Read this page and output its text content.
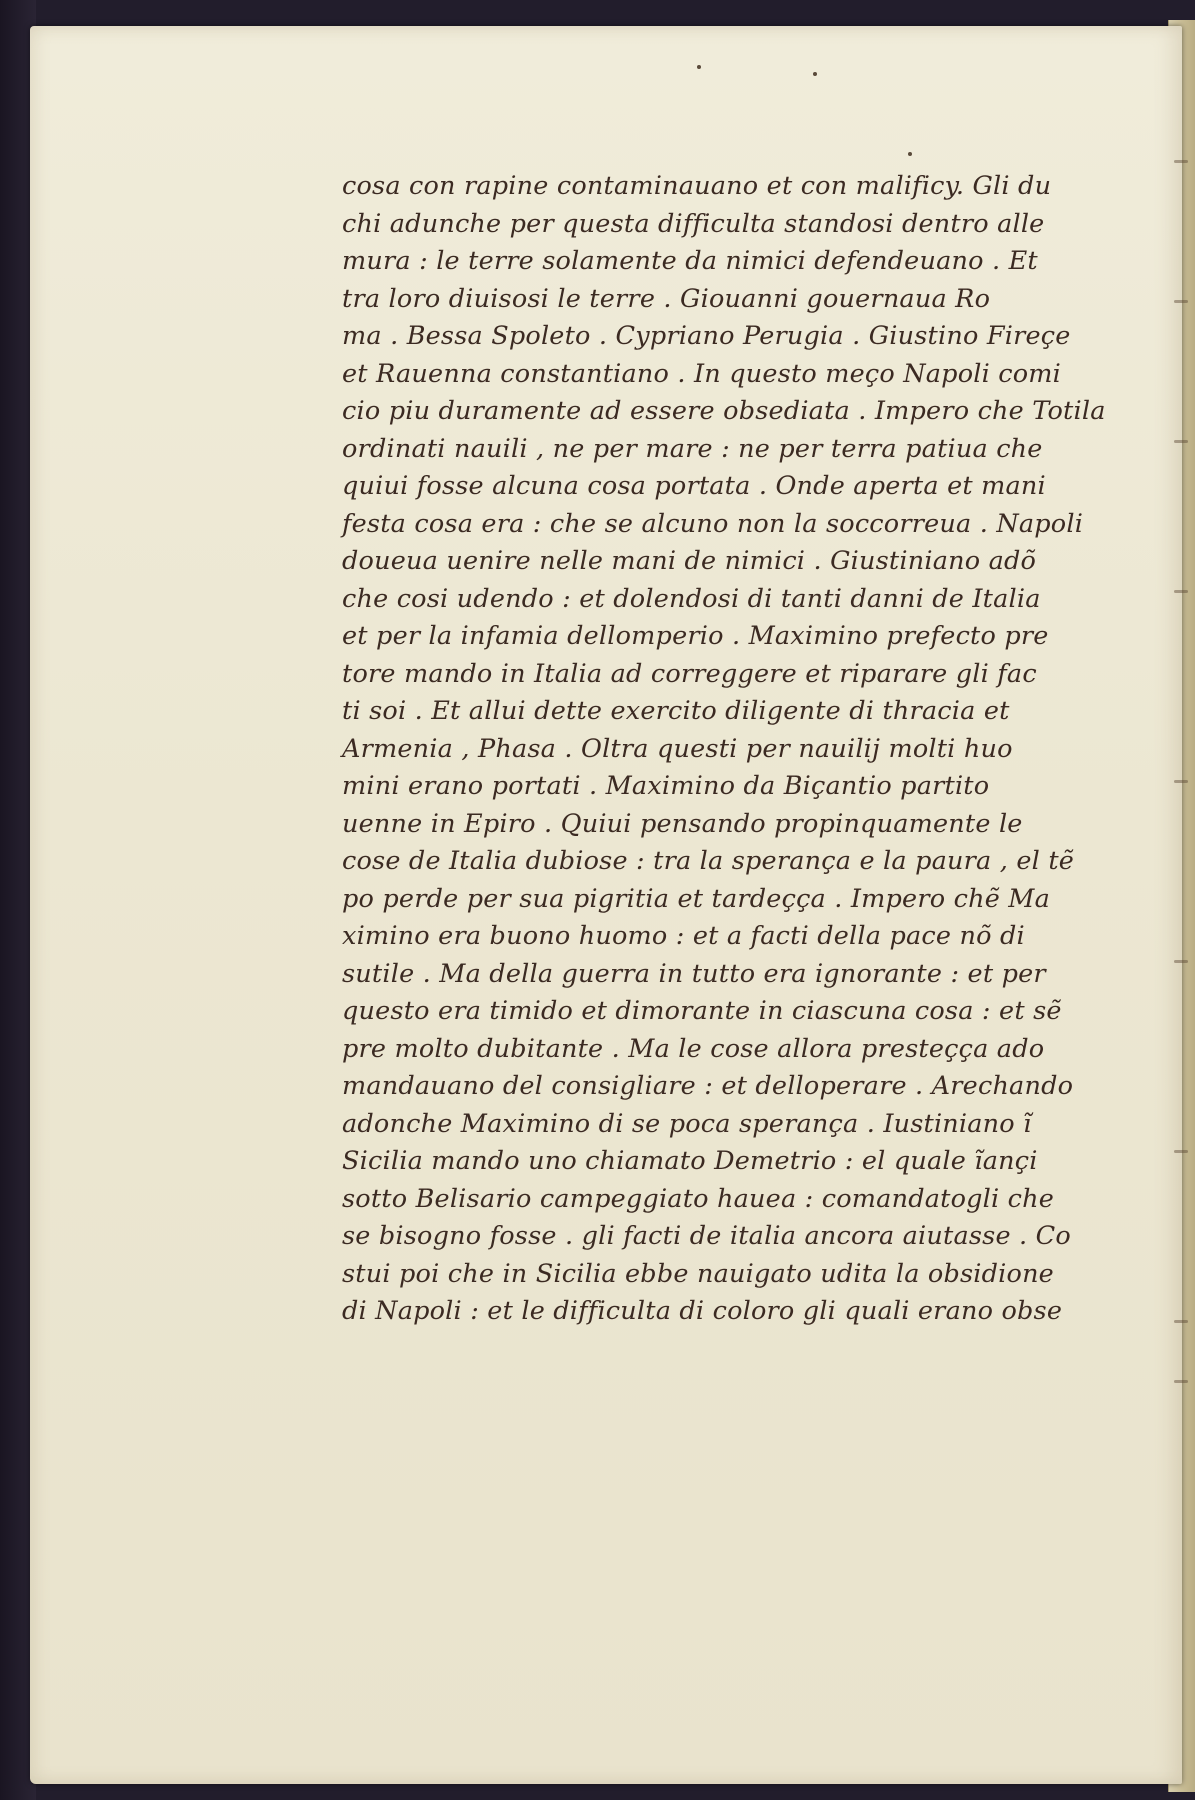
cosa con rapine contaminauano et con malificy. Gli du
chi adunche per questa difficulta standosi dentro alle
mura : le terre solamente da nimici defendeuano . Et
tra loro diuisosi le terre . Giouanni gouernaua Ro
ma . Bessa Spoleto . Cypriano Perugia . Giustino Fireçe
et Rauenna constantiano . In questo meço Napoli comi
cio piu duramente ad essere obsediata . Impero che Totila
ordinati nauili , ne per mare : ne per terra patiua che
quiui fosse alcuna cosa portata . Onde aperta et mani
festa cosa era : che se alcuno non la soccorreua . Napoli
doueua uenire nelle mani de nimici . Giustiniano adõ
che cosi udendo : et dolendosi di tanti danni de Italia
et per la infamia dellomperio . Maximino prefecto pre
tore mando in Italia ad correggere et riparare gli fac
ti soi . Et allui dette exercito diligente di thracia et
Armenia , Phasa . Oltra questi per nauilij molti huo
mini erano portati . Maximino da Biçantio partito
uenne in Epiro . Quiui pensando propinquamente le
cose de Italia dubiose : tra la sperança e la paura , el tẽ
po perde per sua pigritia et tardeçça . Impero chẽ Ma
ximino era buono huomo : et a facti della pace nõ di
sutile . Ma della guerra in tutto era ignorante : et per
questo era timido et dimorante in ciascuna cosa : et sẽ
pre molto dubitante . Ma le cose allora presteçça ado
mandauano del consigliare : et delloperare . Arechando
adonche Maximino di se poca sperança . Iustiniano ĩ
Sicilia mando uno chiamato Demetrio : el quale ĩançi
sotto Belisario campeggiato hauea : comandatogli che
se bisogno fosse . gli facti de italia ancora aiutasse . Co
stui poi che in Sicilia ebbe nauigato udita la obsidione
di Napoli : et le difficulta di coloro gli quali erano obse
